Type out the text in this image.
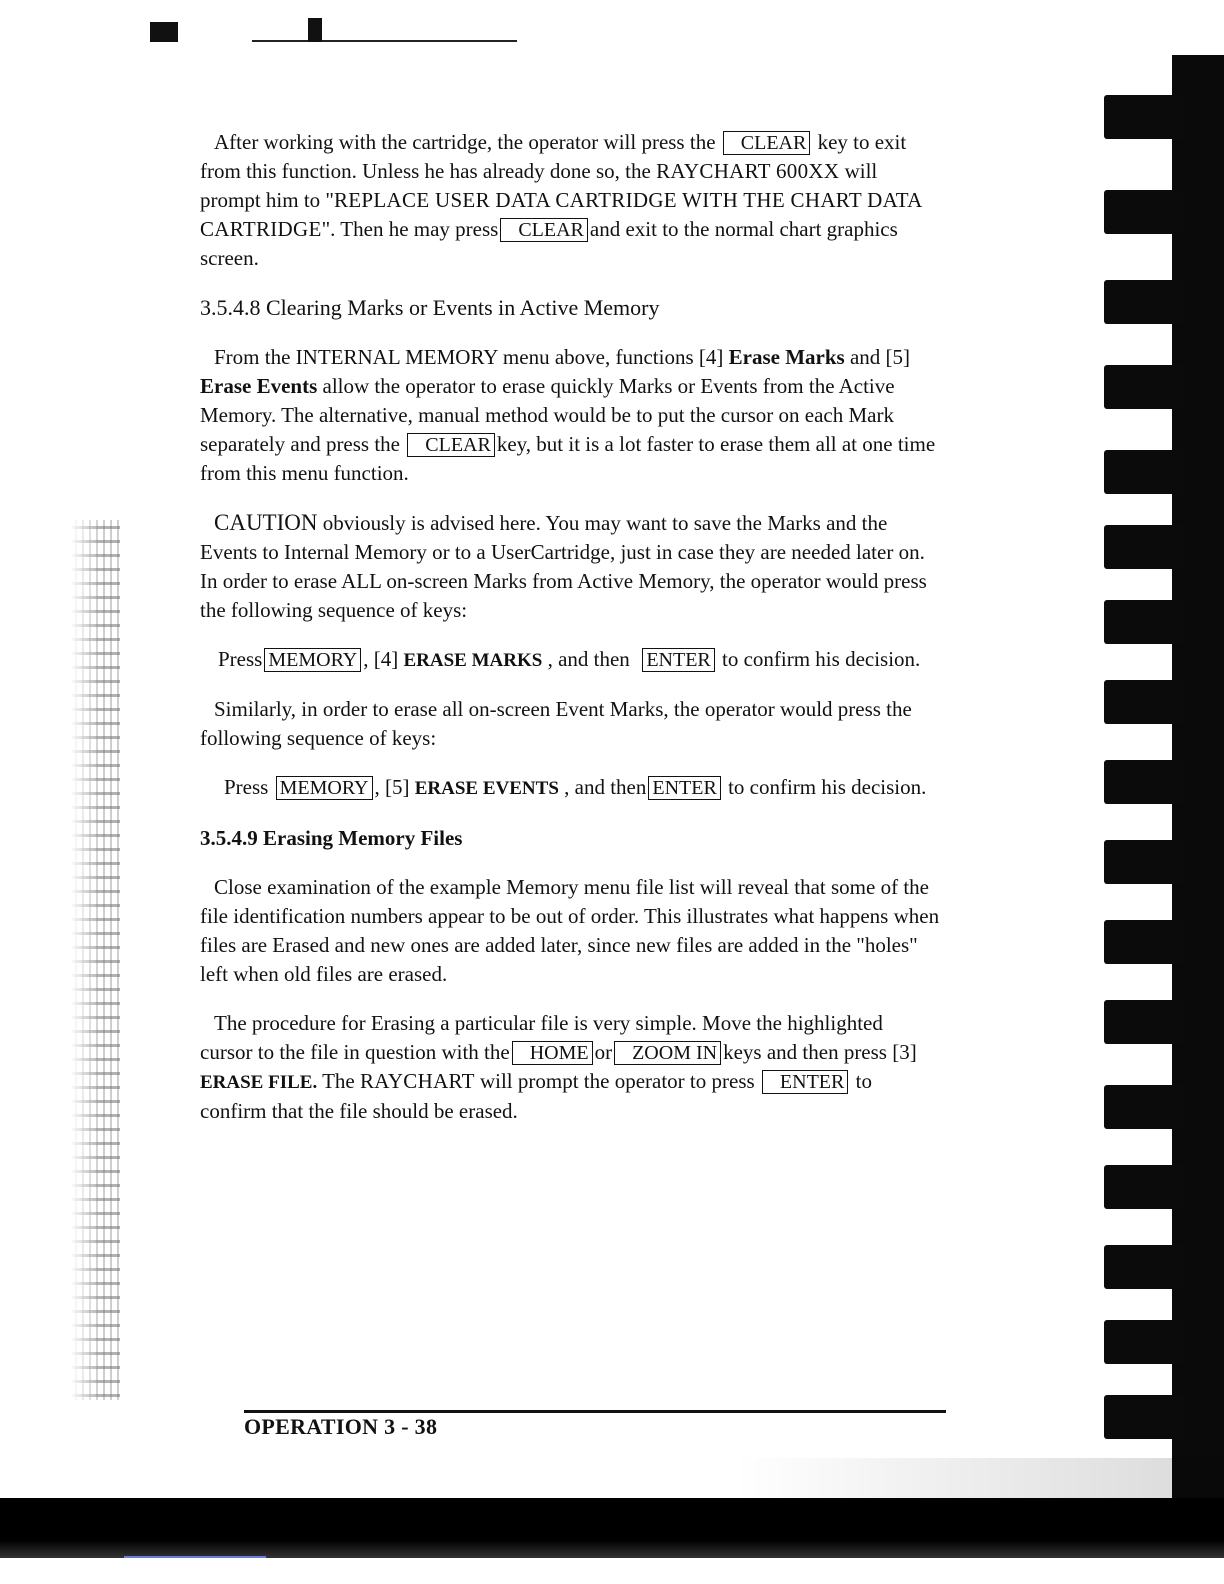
After working with the cartridge, the operator will press the CLEAR key to exit from this function. Unless he has already done so, the RAYCHART 600XX will prompt him to "REPLACE USER DATA CARTRIDGE WITH THE CHART DATA CARTRIDGE". Then he may press CLEAR and exit to the normal chart graphics screen.

3.5.4.8 Clearing Marks or Events in Active Memory

From the INTERNAL MEMORY menu above, functions [4] Erase Marks and [5] Erase Events allow the operator to erase quickly Marks or Events from the Active Memory. The alternative, manual method would be to put the cursor on each Mark separately and press the CLEAR key, but it is a lot faster to erase them all at one time from this menu function.

CAUTION obviously is advised here. You may want to save the Marks and the Events to Internal Memory or to a UserCartridge, just in case they are needed later on. In order to erase ALL on-screen Marks from Active Memory, the operator would press the following sequence of keys:

Press MEMORY , [4] ERASE MARKS , and then ENTER to confirm his decision.

Similarly, in order to erase all on-screen Event Marks, the operator would press the following sequence of keys:

Press MEMORY , [5] ERASE EVENTS , and then ENTER to confirm his decision.

3.5.4.9 Erasing Memory Files

Close examination of the example Memory menu file list will reveal that some of the file identification numbers appear to be out of order. This illustrates what happens when files are Erased and new ones are added later, since new files are added in the "holes" left when old files are erased.

The procedure for Erasing a particular file is very simple. Move the highlighted cursor to the file in question with the HOME or ZOOM IN keys and then press [3] ERASE FILE. The RAYCHART will prompt the operator to press ENTER to confirm that the file should be erased.

OPERATION 3 - 38
